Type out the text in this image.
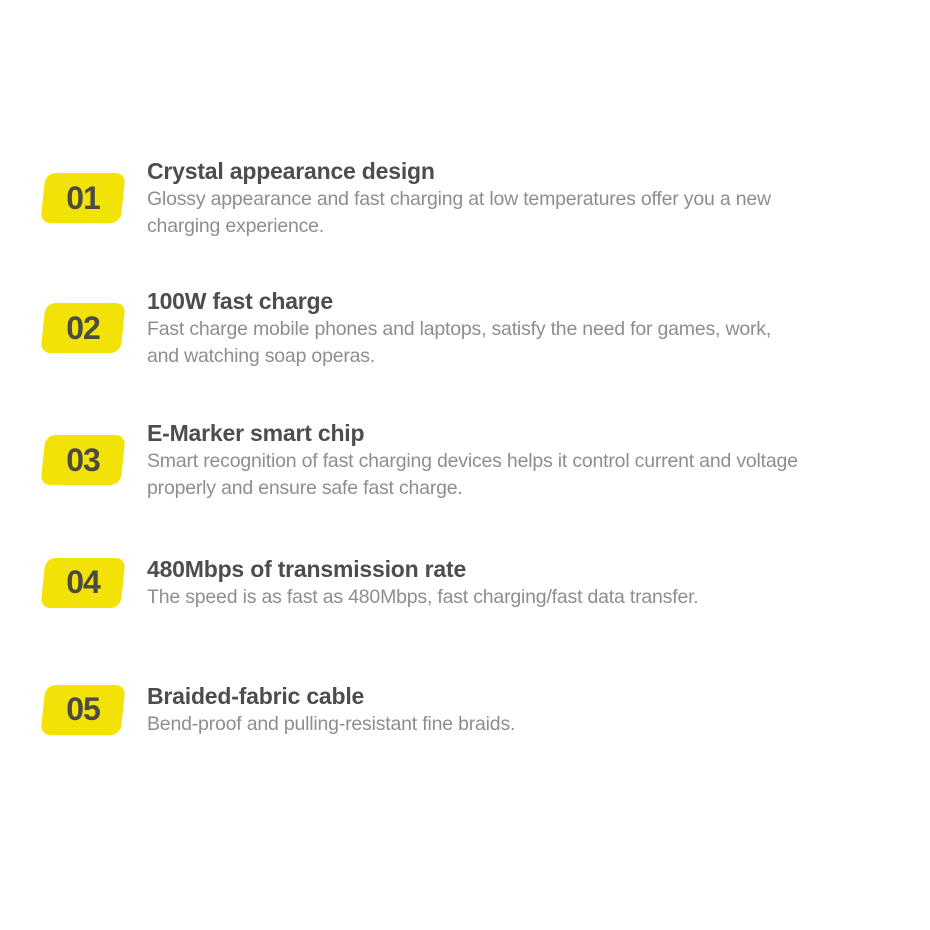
01
Crystal appearance design
Glossy appearance and fast charging at low temperatures offer you a new
charging experience.
02
100W fast charge
Fast charge mobile phones and laptops, satisfy the need for games, work,
and watching soap operas.
03
E-Marker smart chip
Smart recognition of fast charging devices helps it control current and voltage
properly and ensure safe fast charge.
04	480Mbps of transmission rate
The speed is as fast as 480Mbps, fast charging/fast data transfer.
05	Braided-fabric cable
Bend-proof and pulling-resistant fine braids.
